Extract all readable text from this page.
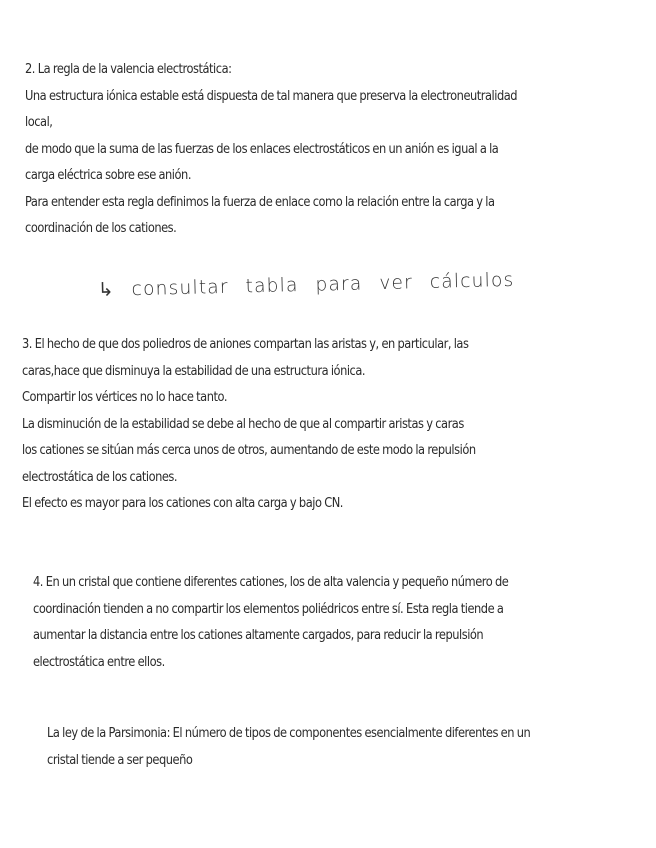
2. La regla de la valencia electrostática:
Una estructura iónica estable está dispuesta de tal manera que preserva la electroneutralidad
local,
de modo que la suma de las fuerzas de los enlaces electrostáticos en un anión es igual a la
carga eléctrica sobre ese anión.
Para entender esta regla definimos la fuerza de enlace como la relación entre la carga y la
coordinación de los cationes.
↳ consultar tabla para ver cálculos
3. El hecho de que dos poliedros de aniones compartan las aristas y, en particular, las
caras,hace que disminuya la estabilidad de una estructura iónica.
Compartir los vértices no lo hace tanto.
La disminución de la estabilidad se debe al hecho de que al compartir aristas y caras
los cationes se sitúan más cerca unos de otros, aumentando de este modo la repulsión
electrostática de los cationes.
El efecto es mayor para los cationes con alta carga y bajo CN.
4. En un cristal que contiene diferentes cationes, los de alta valencia y pequeño número de
coordinación tienden a no compartir los elementos poliédricos entre sí. Esta regla tiende a
aumentar la distancia entre los cationes altamente cargados, para reducir la repulsión
electrostática entre ellos.
La ley de la Parsimonia: El número de tipos de componentes esencialmente diferentes en un
cristal tiende a ser pequeño
